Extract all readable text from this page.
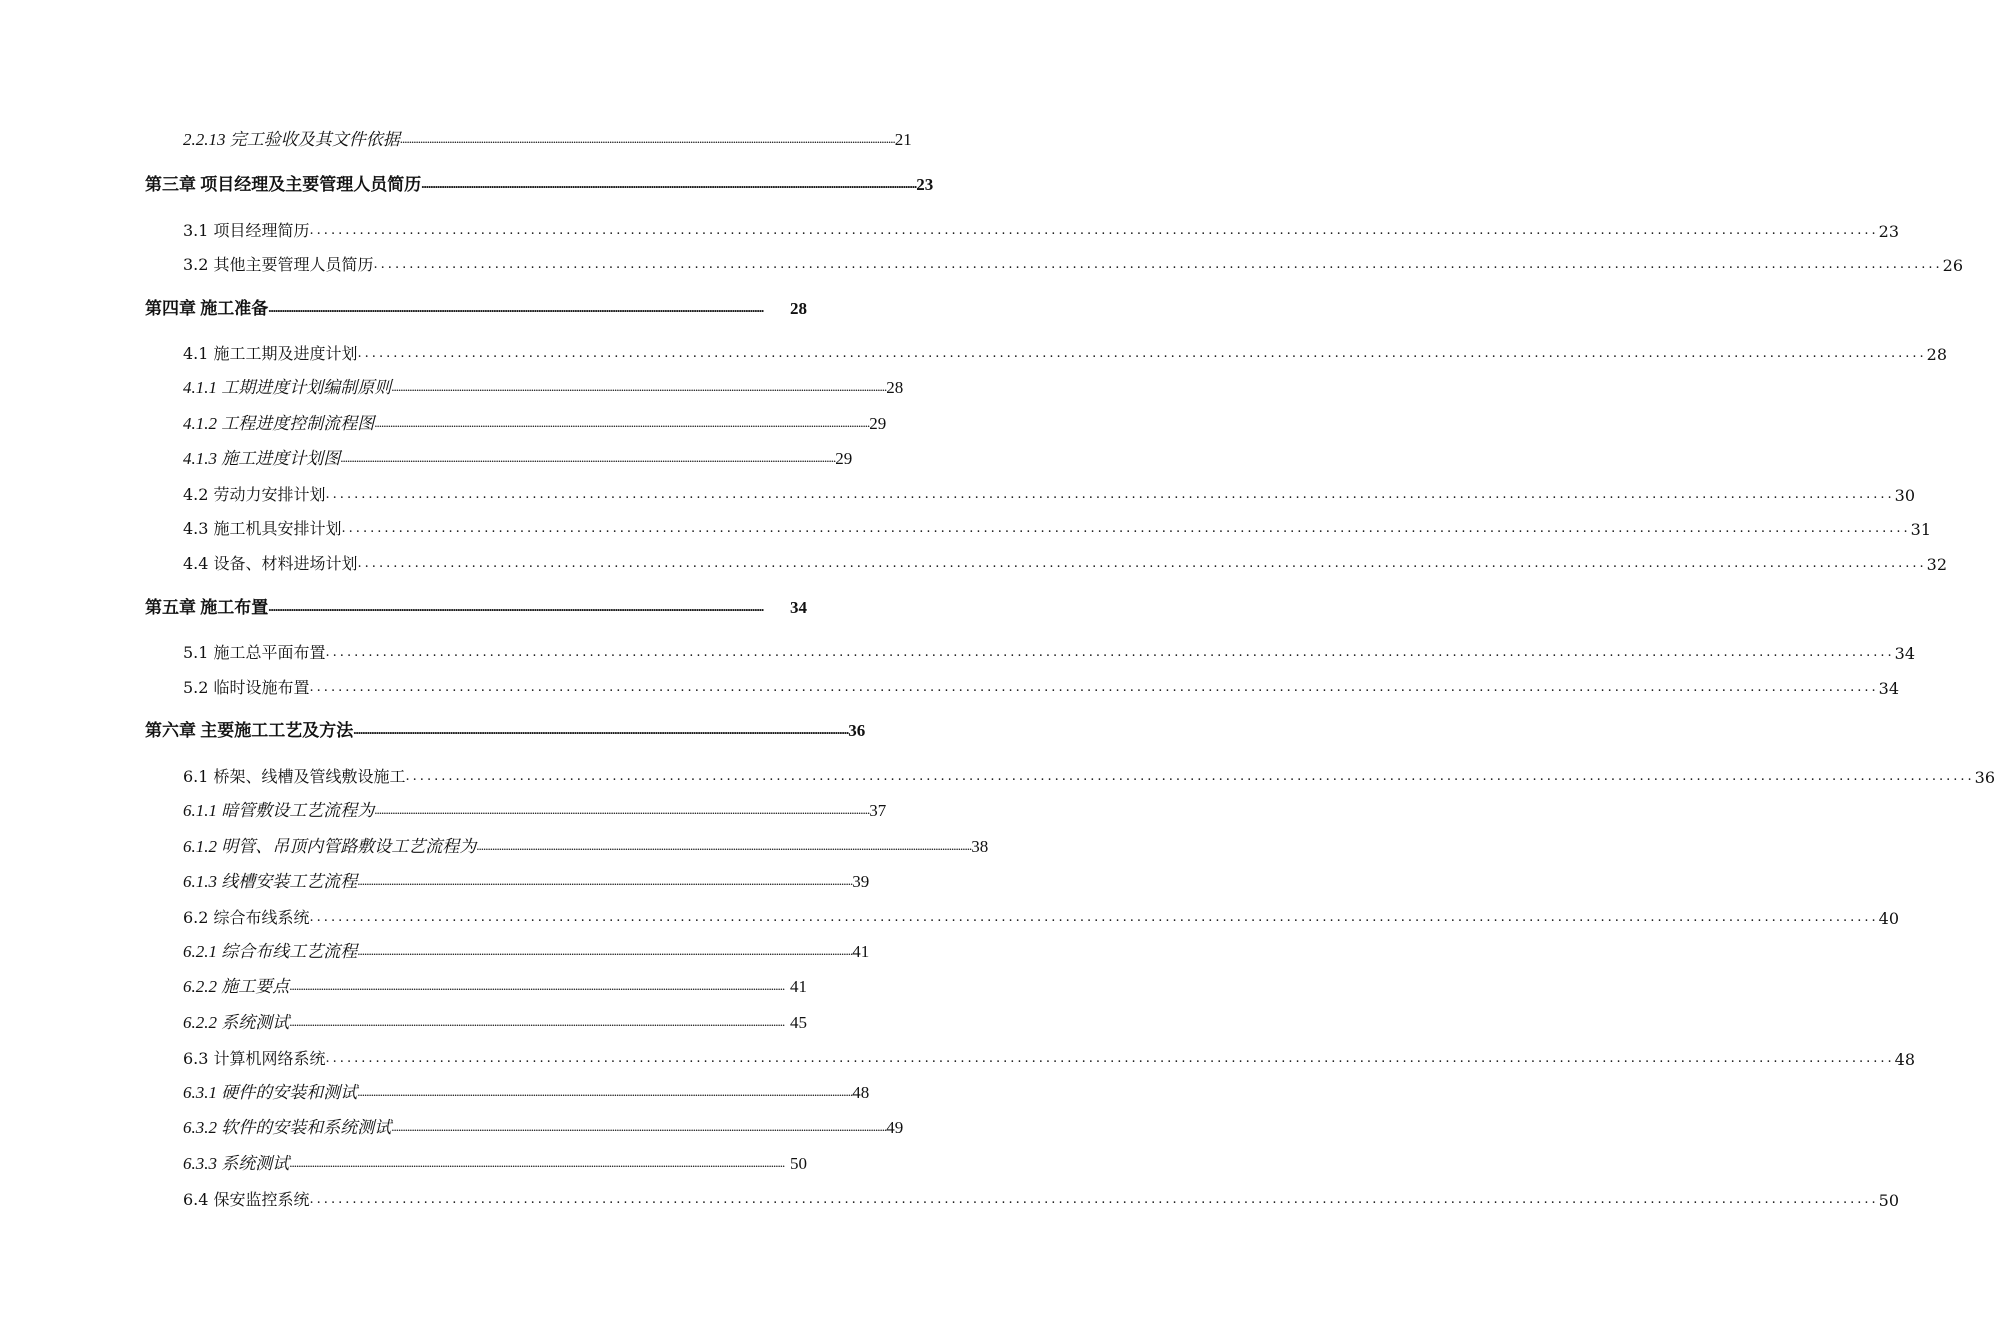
2.2.13 完工验收及其文件依据 ............................................................................................................................................................................................................................ 21
第三章 项目经理及主要管理人员简历 ............................................................................................................................................................................................................................ 23
3.1 项目经理简历 ............................................................................................................................................................................................................................ 23
3.2 其他主要管理人员简历 ............................................................................................................................................................................................................................ 26
第四章 施工准备 ............................................................................................................................................................................................................................	28
4.1 施工工期及进度计划 ............................................................................................................................................................................................................................ 28
4.1.1 工期进度计划编制原则 ............................................................................................................................................................................................................................ 28
4.1.2 工程进度控制流程图 ............................................................................................................................................................................................................................ 29
4.1.3 施工进度计划图 ............................................................................................................................................................................................................................ 29
4.2 劳动力安排计划 ............................................................................................................................................................................................................................ 30
4.3 施工机具安排计划 ............................................................................................................................................................................................................................ 31
4.4 设备、材料进场计划 ............................................................................................................................................................................................................................ 32
第五章 施工布置 ............................................................................................................................................................................................................................	34
5.1 施工总平面布置 ............................................................................................................................................................................................................................ 34
5.2 临时设施布置 ............................................................................................................................................................................................................................ 34
第六章 主要施工工艺及方法 ............................................................................................................................................................................................................................ 36
6.1 桥架、线槽及管线敷设施工 ............................................................................................................................................................................................................................ 36
6.1.1 暗管敷设工艺流程为 ............................................................................................................................................................................................................................ 37
6.1.2 明管、吊顶内管路敷设工艺流程为 ............................................................................................................................................................................................................................ 38
6.1.3 线槽安装工艺流程 ............................................................................................................................................................................................................................ 39
6.2 综合布线系统 ............................................................................................................................................................................................................................ 40
6.2.1 综合布线工艺流程 ............................................................................................................................................................................................................................ 41
6.2.2 施工要点 ............................................................................................................................................................................................................................ 41
6.2.2 系统测试 ............................................................................................................................................................................................................................ 45
6.3 计算机网络系统 ............................................................................................................................................................................................................................ 48
6.3.1 硬件的安装和测试 ............................................................................................................................................................................................................................ 48
6.3.2 软件的安装和系统测试 ............................................................................................................................................................................................................................ 49
6.3.3 系统测试 ............................................................................................................................................................................................................................ 50
6.4 保安监控系统 ............................................................................................................................................................................................................................ 50
